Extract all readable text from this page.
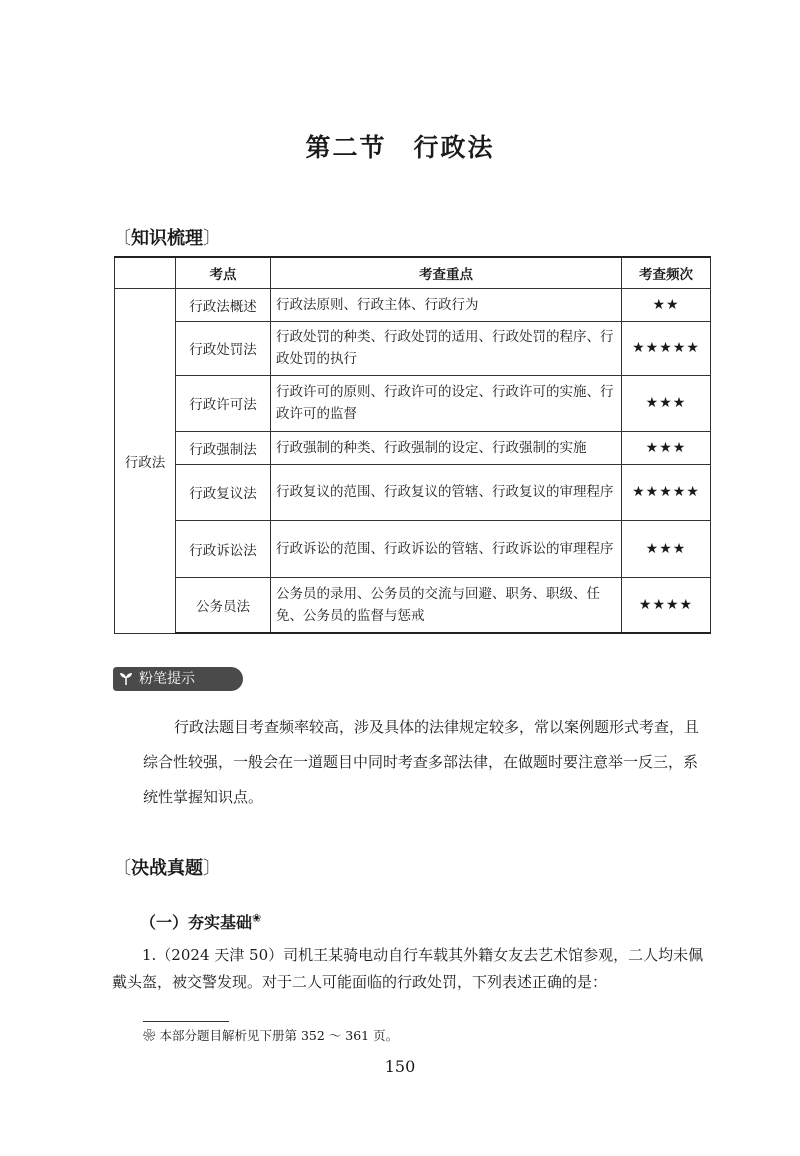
第二节　行政法
〔知识梳理〕
	考点	考查重点	考查频次
行政法	行政法概述	行政法原则、行政主体、行政行为	★★
	行政处罚法	行政处罚的种类、行政处罚的适用、行政处罚的程序、行政处罚的执行	★★★★★
	行政许可法	行政许可的原则、行政许可的设定、行政许可的实施、行政许可的监督	★★★
	行政强制法	行政强制的种类、行政强制的设定、行政强制的实施	★★★
	行政复议法	行政复议的范围、行政复议的管辖、行政复议的审理程序	★★★★★
	行政诉讼法	行政诉讼的范围、行政诉讼的管辖、行政诉讼的审理程序	★★★
	公务员法	公务员的录用、公务员的交流与回避、职务、职级、任免、公务员的监督与惩戒	★★★★
粉笔提示

行政法题目考查频率较高，涉及具体的法律规定较多，常以案例题形式考查，且综合性较强，一般会在一道题目中同时考查多部法律，在做题时要注意举一反三，系统性掌握知识点。

〔决战真题〕
（一）夯实基础❀

1.（2024 天津 50）司机王某骑电动自行车载其外籍女友去艺术馆参观，二人均未佩戴头盔，被交警发现。对于二人可能面临的行政处罚，下列表述正确的是：

❀ 本部分题目解析见下册第 352 ～ 361 页。
150
